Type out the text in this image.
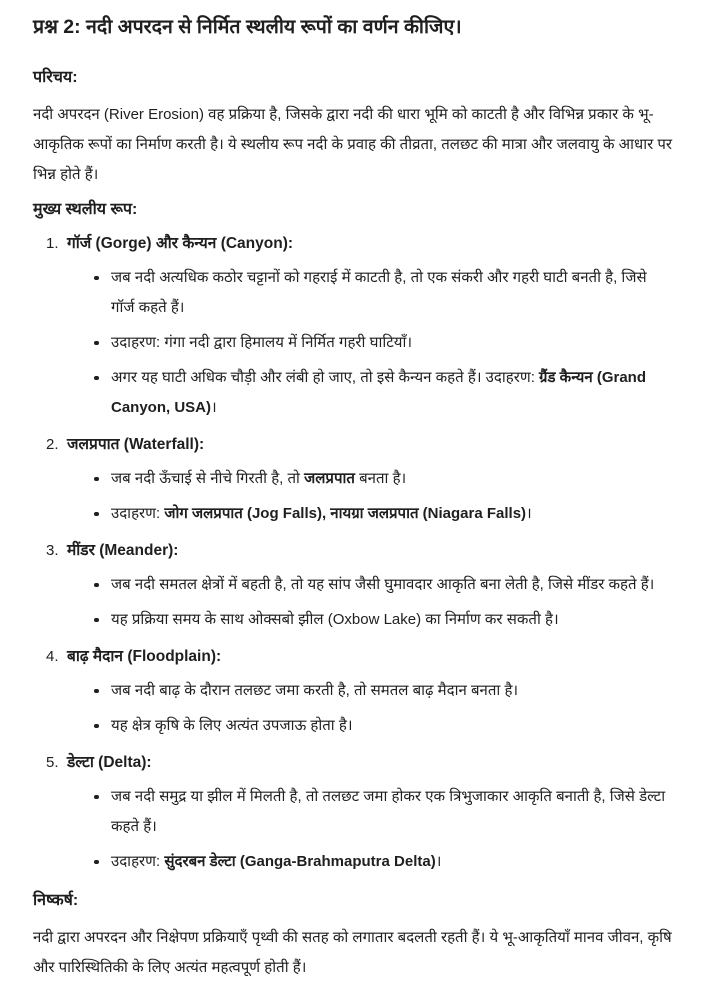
प्रश्न 2: नदी अपरदन से निर्मित स्थलीय रूपों का वर्णन कीजिए।
परिचय:

नदी अपरदन (River Erosion) वह प्रक्रिया है, जिसके द्वारा नदी की धारा भूमि को काटती है और विभिन्न प्रकार के भू-आकृतिक रूपों का निर्माण करती है। ये स्थलीय रूप नदी के प्रवाह की तीव्रता, तलछट की मात्रा और जलवायु के आधार पर भिन्न होते हैं।

मुख्य स्थलीय रूप:
1. गॉर्ज (Gorge) और कैन्यन (Canyon):
जब नदी अत्यधिक कठोर चट्टानों को गहराई में काटती है, तो एक संकरी और गहरी घाटी बनती है, जिसे गॉर्ज कहते हैं।
उदाहरण: गंगा नदी द्वारा हिमालय में निर्मित गहरी घाटियाँ।
अगर यह घाटी अधिक चौड़ी और लंबी हो जाए, तो इसे कैन्यन कहते हैं। उदाहरण: ग्रैंड कैन्यन (Grand Canyon, USA)।
2. जलप्रपात (Waterfall):
जब नदी ऊँचाई से नीचे गिरती है, तो जलप्रपात बनता है।
उदाहरण: जोग जलप्रपात (Jog Falls), नायग्रा जलप्रपात (Niagara Falls)।
3. मींडर (Meander):
जब नदी समतल क्षेत्रों में बहती है, तो यह सांप जैसी घुमावदार आकृति बना लेती है, जिसे मींडर कहते हैं।
यह प्रक्रिया समय के साथ ओक्सबो झील (Oxbow Lake) का निर्माण कर सकती है।
4. बाढ़ मैदान (Floodplain):
जब नदी बाढ़ के दौरान तलछट जमा करती है, तो समतल बाढ़ मैदान बनता है।
यह क्षेत्र कृषि के लिए अत्यंत उपजाऊ होता है।
5. डेल्टा (Delta):
जब नदी समुद्र या झील में मिलती है, तो तलछट जमा होकर एक त्रिभुजाकार आकृति बनाती है, जिसे डेल्टा कहते हैं।
उदाहरण: सुंदरबन डेल्टा (Ganga-Brahmaputra Delta)।
निष्कर्ष:

नदी द्वारा अपरदन और निक्षेपण प्रक्रियाएँ पृथ्वी की सतह को लगातार बदलती रहती हैं। ये भू-आकृतियाँ मानव जीवन, कृषि और पारिस्थितिकी के लिए अत्यंत महत्वपूर्ण होती हैं।
